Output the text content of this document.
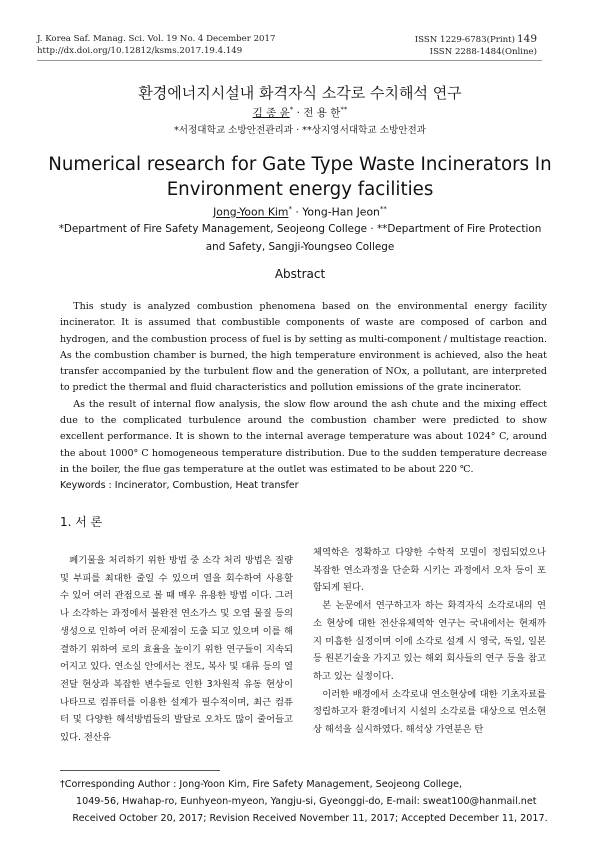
J. Korea Saf. Manag. Sci. Vol. 19 No. 4 December 2017
http://dx.doi.org/10.12812/ksms.2017.19.4.149
ISSN 1229-6783(Print) 149
ISSN 2288-1484(Online)
환경에너지시설내 화격자식 소각로 수치해석 연구
김 종 윤* · 전 용 한**
*서정대학교 소방안전관리과 · **상지영서대학교 소방안전과
Numerical research for Gate Type Waste Incinerators In Environment energy facilities
Jong-Yoon Kim* · Yong-Han Jeon**
*Department of Fire Safety Management, Seojeong College · **Department of Fire Protection and Safety, Sangji-Youngseo College
Abstract

This study is analyzed combustion phenomena based on the environmental energy facility incinerator. It is assumed that combustible components of waste are composed of carbon and hydrogen, and the combustion process of fuel is by setting as multi-component / multistage reaction. As the combustion chamber is burned, the high temperature environment is achieved, also the heat transfer accompanied by the turbulent flow and the generation of NOx, a pollutant, are interpreted to predict the thermal and fluid characteristics and pollution emissions of the grate incinerator.

As the result of internal flow analysis, the slow flow around the ash chute and the mixing effect due to the complicated turbulence around the combustion chamber were predicted to show excellent performance. It is shown to the internal average temperature was about 1024° C, around the about 1000° C homogeneous temperature distribution. Due to the sudden temperature decrease in the boiler, the flue gas temperature at the outlet was estimated to be about 220 ℃.

Keywords : Incinerator, Combustion, Heat transfer

1. 서 론

폐기물을 처리하기 위한 방법 중 소각 처리 방법은 질량 및 부피를 최대한 줄일 수 있으며 열을 회수하여 사용할 수 있어 여러 관점으로 볼 때 매우 유용한 방법 이다. 그러나 소각하는 과정에서 불완전 연소가스 및 오염 물질 등의 생성으로 인하여 여러 문제점이 도출 되고 있으며 이를 해결하기 위하여 로의 효율을 높이기 위한 연구들이 지속되어지고 있다. 연소실 안에서는 전도, 복사 및 대류 등의 열전달 현상과 복잡한 변수들로 인한 3차원적 유동 현상이 나타므로 컴퓨터를 이용한 설계가 필수적이며, 최근 컴퓨터 및 다양한 해석방법들의 발달로 오차도 많이 줄어들고 있다. 전산유

체역학은 정확하고 다양한 수학적 모델이 정립되었으나 복잡한 연소과정을 단순화 시키는 과정에서 오차 등이 포함되게 된다.

본 논문에서 연구하고자 하는 화격자식 소각로내의 연소 현상에 대한 전산유체역학 연구는 국내에서는 현재까지 미흡한 실정이며 이에 소각로 설계 시 영국, 독일, 일본 등 원본기술을 가지고 있는 해외 회사들의 연구 등을 참고하고 있는 실정이다.

이러한 배경에서 소각로내 연소현상에 대한 기초자료를 정립하고자 환경에너지 시설의 소각로를 대상으로 연소현상 해석을 실시하였다. 해석상 가연분은 탄

†Corresponding Author : Jong-Yoon Kim, Fire Safety Management, Seojeong College,
1049-56, Hwahap-ro, Eunhyeon-myeon, Yangju-si, Gyeonggi-do, E-mail: sweat100@hanmail.net
Received October 20, 2017; Revision Received November 11, 2017; Accepted December 11, 2017.
